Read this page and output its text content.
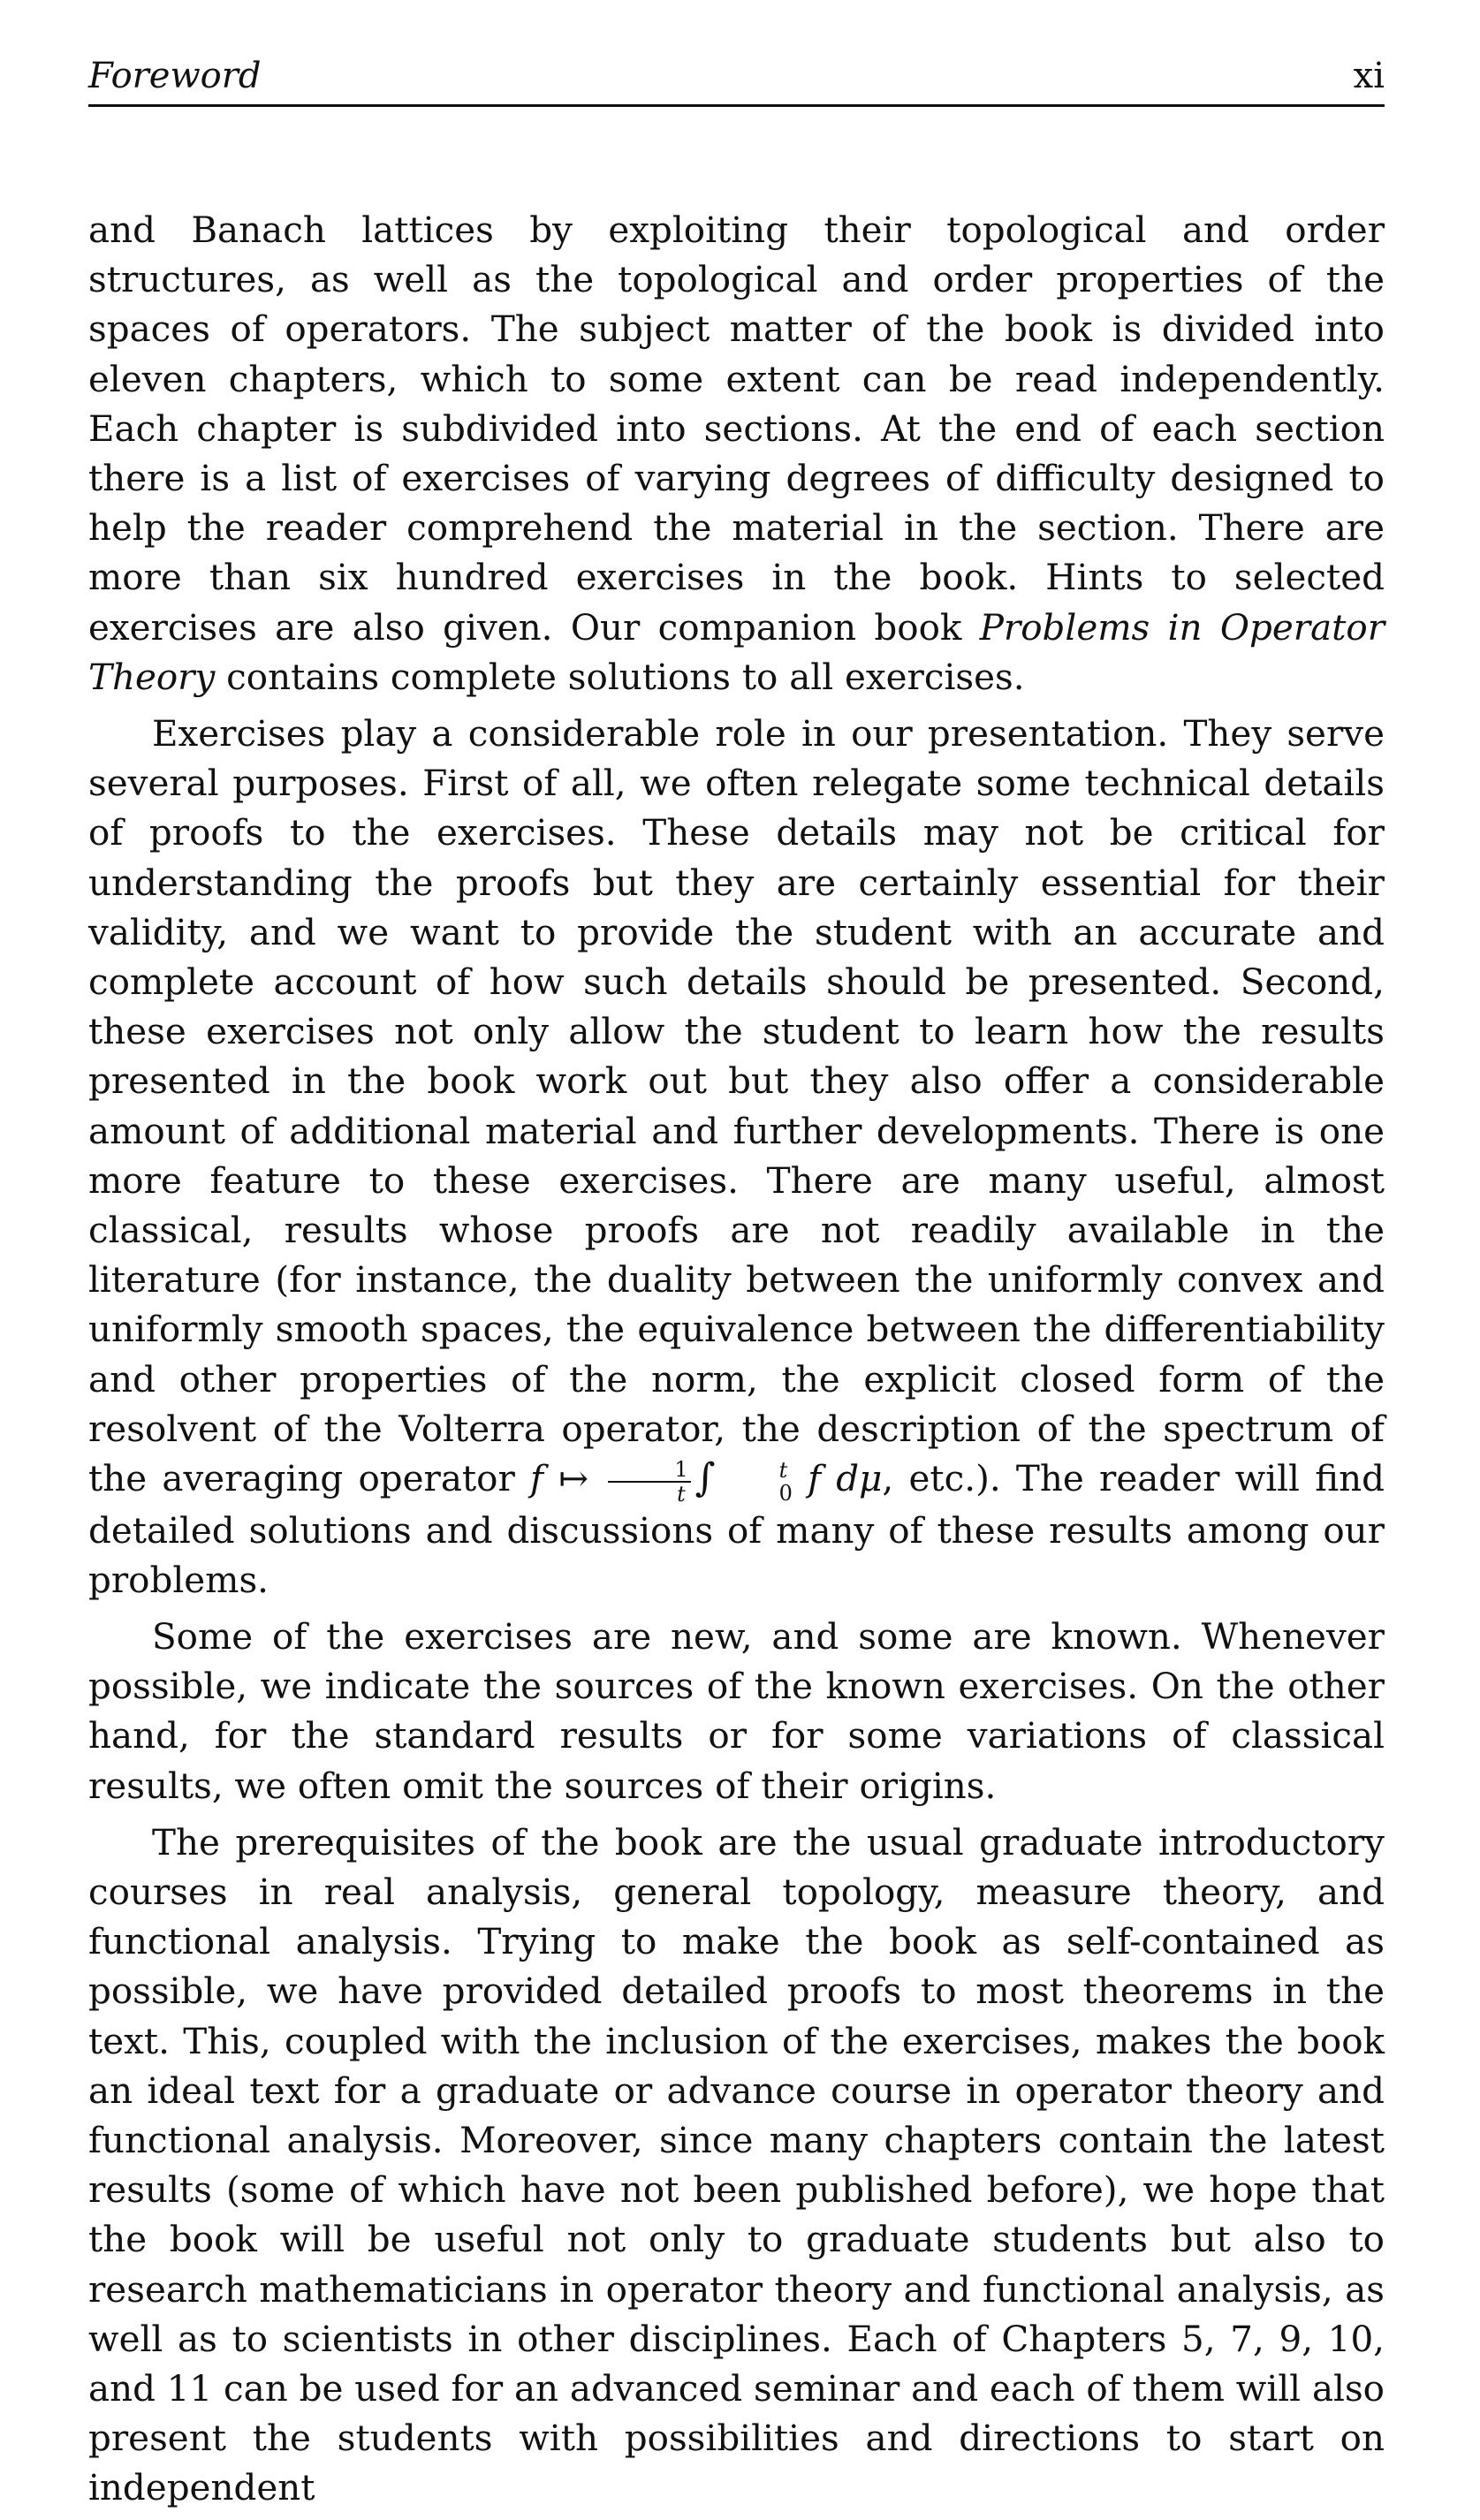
Foreword	xi

and Banach lattices by exploiting their topological and order structures, as well as the topological and order properties of the spaces of operators. The subject matter of the book is divided into eleven chapters, which to some extent can be read independently. Each chapter is subdivided into sections. At the end of each section there is a list of exercises of varying degrees of difficulty designed to help the reader comprehend the material in the section. There are more than six hundred exercises in the book. Hints to selected exercises are also given. Our companion book Problems in Operator Theory contains complete solutions to all exercises.

Exercises play a considerable role in our presentation. They serve several purposes. First of all, we often relegate some technical details of proofs to the exercises. These details may not be critical for understanding the proofs but they are certainly essential for their validity, and we want to provide the student with an accurate and complete account of how such details should be presented. Second, these exercises not only allow the student to learn how the results presented in the book work out but they also offer a considerable amount of additional material and further developments. There is one more feature to these exercises. There are many useful, almost classical, results whose proofs are not readily available in the literature (for instance, the duality between the uniformly convex and uniformly smooth spaces, the equivalence between the differentiability and other properties of the norm, the explicit closed form of the resolvent of the Volterra operator, the description of the spectrum of the averaging operator f ↦ $\frac{1}{t}$ ∫	t
0 f dμ, etc.). The reader will find detailed solutions and discussions of many of these results among our problems.

Some of the exercises are new, and some are known. Whenever possible, we indicate the sources of the known exercises. On the other hand, for the standard results or for some variations of classical results, we often omit the sources of their origins.

The prerequisites of the book are the usual graduate introductory courses in real analysis, general topology, measure theory, and functional analysis. Trying to make the book as self-contained as possible, we have provided detailed proofs to most theorems in the text. This, coupled with the inclusion of the exercises, makes the book an ideal text for a graduate or advance course in operator theory and functional analysis. Moreover, since many chapters contain the latest results (some of which have not been published before), we hope that the book will be useful not only to graduate students but also to research mathematicians in operator theory and functional analysis, as well as to scientists in other disciplines. Each of Chapters 5, 7, 9, 10, and 11 can be used for an advanced seminar and each of them will also present the students with possibilities and directions to start on independent
